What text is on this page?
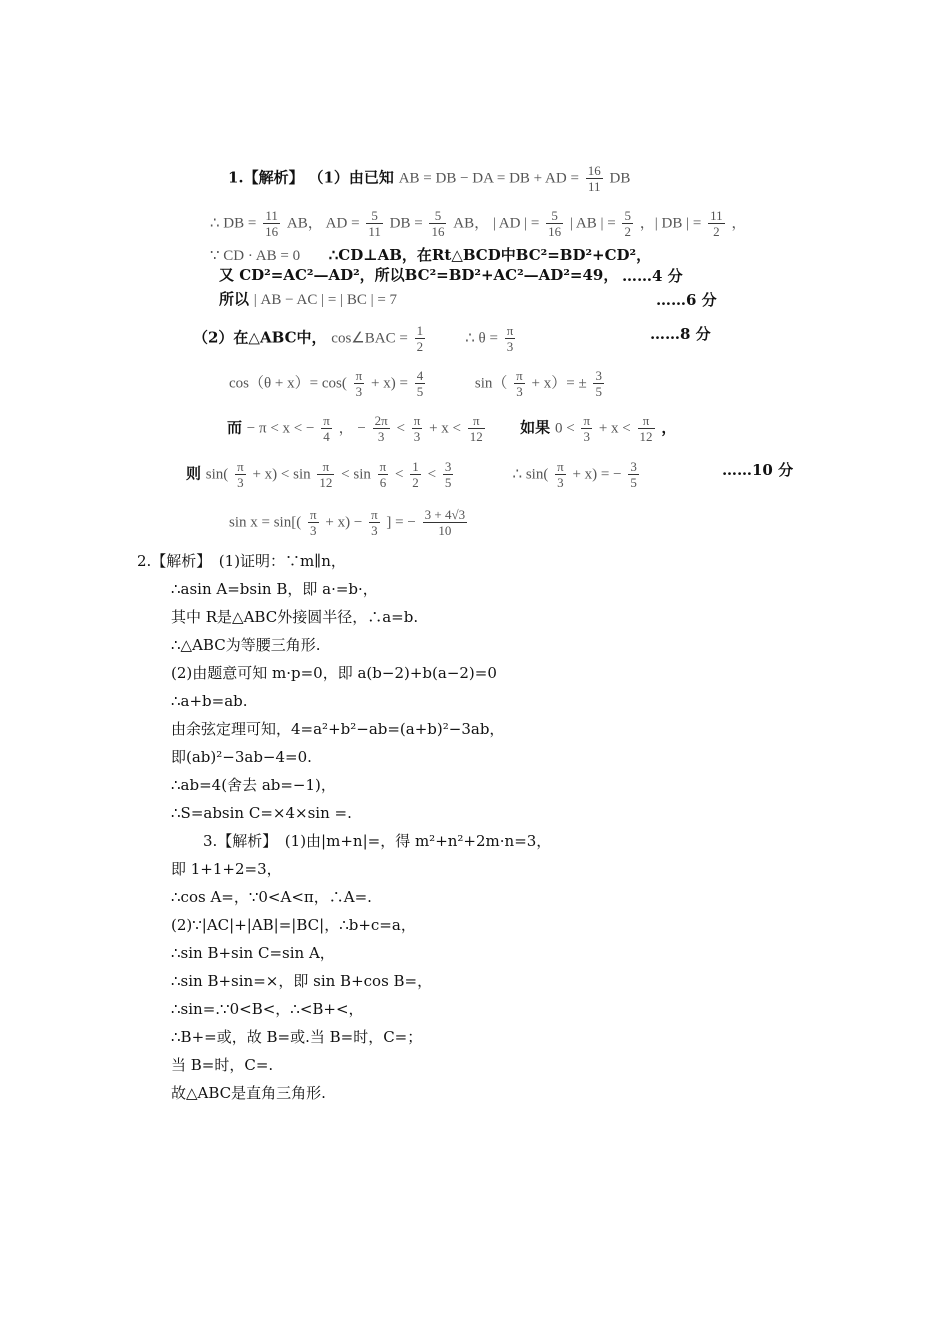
1.【解析】 （1）由已知 AB = DB − DA = DB + AD = $\frac{16}{11}$ DB
∴ DB = $\frac{11}{16}$ AB， AD = $\frac{5}{11}$ DB = $\frac{5}{16}$ AB， | AD | = $\frac{5}{16}$ | AB | = $\frac{5}{2}$ ，| DB | = $\frac{11}{2}$ ，
∵ CD · AB = 0 ∴CD⊥AB，在Rt△BCD中BC²=BD²+CD²，
又 CD²=AC²—AD²，所以BC²=BD²+AC²—AD²=49， ……4 分
所以 | AB − AC | = | BC | = 7	……6 分
（2）在△ABC中， cos∠BAC = $\frac{1}{2}$	∴ $\theta = \frac{\pi}{3}$	……8 分
$\cos(\theta + x)= \cos( \frac{\pi}{3} + x) = \frac{4}{5}$	$\sin( \frac{\pi}{3} + x)= \pm \frac{3}{5}$
而 − π < x < − $\frac{\pi}{4}$ ， − $\frac{2\pi}{3} < \frac{\pi}{3} + x < \frac{\pi}{12}$ 如果 $0 < \frac{\pi}{3} + x < \frac{\pi}{12}$ ，
则 $\sin( \frac{\pi}{3} + x) < \sin \frac{\pi}{12} < \sin \frac{\pi}{6} < \frac{1}{2} < \frac{3}{5}$	∴ $\sin( \frac{\pi}{3} + x)$ = − $\frac{3}{5}$	……10 分
$\sin x = \sin[( \frac{\pi}{3} + x) - \frac{\pi}{3}$ ] = − $\frac{3 + 4√3}{10}$
2.【解析】　(1)证明：∵m∥n，
∴asin A=bsin B，即 a·=b·，
其中 R是△ABC外接圆半径，∴a=b.
∴△ABC为等腰三角形.
(2)由题意可知 m·p=0，即 a(b−2)+b(a−2)=0
∴a+b=ab.
由余弦定理可知，4=a²+b²−ab=(a+b)²−3ab，
即(ab)²−3ab−4=0.
∴ab=4(舍去 ab=−1)，
∴S=absin C=×4×sin =.
3.【解析】　(1)由|m+n|=，得 m²+n²+2m·n=3，
即 1+1+2=3，
∴cos A=，∵0<A<π，∴A=.
(2)∵|AC|+|AB|=|BC|，∴b+c=a，
∴sin B+sin C=sin A，
∴sin B+sin=×，即 sin B+cos B=，
∴sin=.∵0<B<，∴<B+<，
∴B+=或，故 B=或.当 B=时，C=；
当 B=时，C=.
故△ABC是直角三角形.
